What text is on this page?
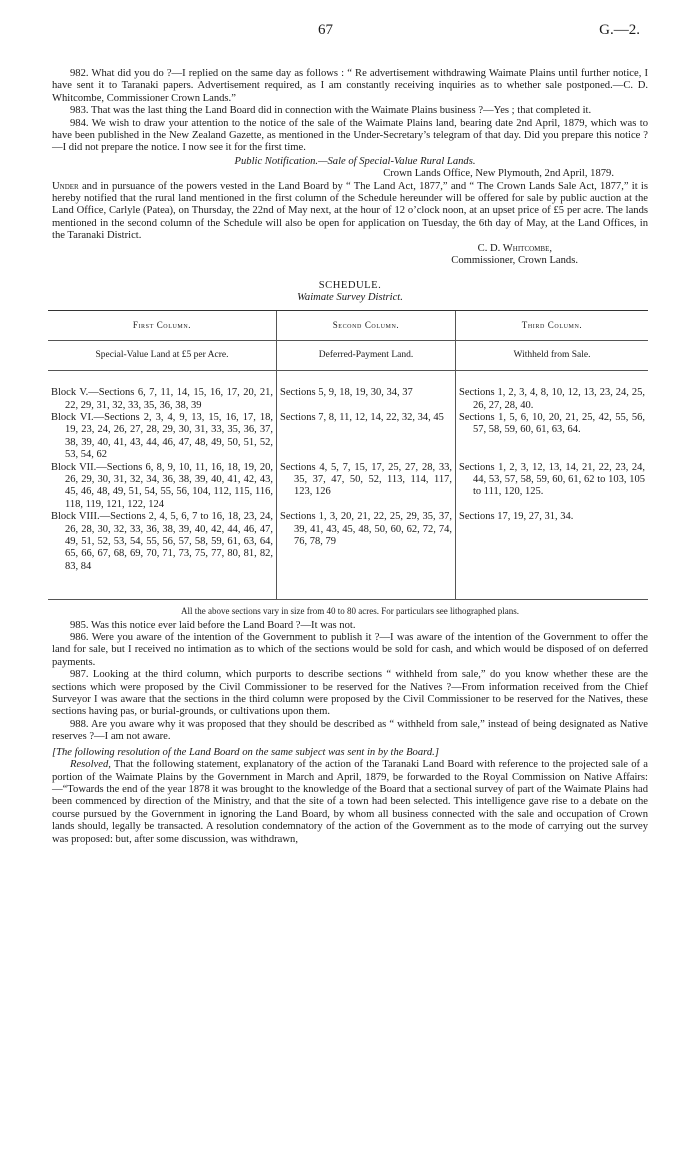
67	G.—2.

982. What did you do ?—I replied on the same day as follows : “ Re advertisement withdrawing Waimate Plains until further notice, I have sent it to Taranaki papers. Advertisement required, as I am constantly receiving inquiries as to whether sale postponed.—C. D. Whitcombe, Commissioner Crown Lands.”

983. That was the last thing the Land Board did in connection with the Waimate Plains business ?—Yes ; that completed it.

984. We wish to draw your attention to the notice of the sale of the Waimate Plains land, bearing date 2nd April, 1879, which was to have been published in the New Zealand Gazette, as mentioned in the Under-Secretary’s telegram of that day. Did you prepare this notice ?—I did not prepare the notice. I now see it for the first time.

Public Notification.—Sale of Special-Value Rural Lands.

Crown Lands Office, New Plymouth, 2nd April, 1879.

Under and in pursuance of the powers vested in the Land Board by “ The Land Act, 1877,” and “ The Crown Lands Sale Act, 1877,” it is hereby notified that the rural land mentioned in the first column of the Schedule hereunder will be offered for sale by public auction at the Land Office, Carlyle (Patea), on Thursday, the 22nd of May next, at the hour of 12 o’clock noon, at an upset price of £5 per acre. The lands mentioned in the second column of the Schedule will also be open for application on Tuesday, the 6th day of May, at the Land Offices, in the Taranaki District.

C. D. Whitcombe,

Commissioner, Crown Lands.

SCHEDULE.

Waimate Survey District.

First Column.	Second Column.	Third Column.
Special-Value Land at £5 per Acre.	Deferred-Payment Land.	Withheld from Sale.

Block V.—Sections 6, 7, 11, 14, 15, 16, 17, 20, 21, 22, 29, 31, 32, 33, 35, 36, 38, 39	Sections 5, 9, 18, 19, 30, 34, 37	Sections 1, 2, 3, 4, 8, 10, 12, 13, 23, 24, 25, 26, 27, 28, 40.

Block VI.—Sections 2, 3, 4, 9, 13, 15, 16, 17, 18, 19, 23, 24, 26, 27, 28, 29, 30, 31, 33, 35, 36, 37, 38, 39, 40, 41, 43, 44, 46, 47, 48, 49, 50, 51, 52, 53, 54, 62	Sections 7, 8, 11, 12, 14, 22, 32, 34, 45	Sections 1, 5, 6, 10, 20, 21, 25, 42, 55, 56, 57, 58, 59, 60, 61, 63, 64.

Block VII.—Sections 6, 8, 9, 10, 11, 16, 18, 19, 20, 26, 29, 30, 31, 32, 34, 36, 38, 39, 40, 41, 42, 43, 45, 46, 48, 49, 51, 54, 55, 56, 104, 112, 115, 116, 118, 119, 121, 122, 124	Sections 4, 5, 7, 15, 17, 25, 27, 28, 33, 35, 37, 47, 50, 52, 113, 114, 117, 123, 126	Sections 1, 2, 3, 12, 13, 14, 21, 22, 23, 24, 44, 53, 57, 58, 59, 60, 61, 62 to 103, 105 to 111, 120, 125.

Block VIII.—Sections 2, 4, 5, 6, 7 to 16, 18, 23, 24, 26, 28, 30, 32, 33, 36, 38, 39, 40, 42, 44, 46, 47, 49, 51, 52, 53, 54, 55, 56, 57, 58, 59, 61, 63, 64, 65, 66, 67, 68, 69, 70, 71, 73, 75, 77, 80, 81, 82, 83, 84	Sections 1, 3, 20, 21, 22, 25, 29, 35, 37, 39, 41, 43, 45, 48, 50, 60, 62, 72, 74, 76, 78, 79	Sections 17, 19, 27, 31, 34.

All the above sections vary in size from 40 to 80 acres. For particulars see lithographed plans.

985. Was this notice ever laid before the Land Board ?—It was not.

986. Were you aware of the intention of the Government to publish it ?—I was aware of the intention of the Government to offer the land for sale, but I received no intimation as to which of the sections would be sold for cash, and which would be disposed of on deferred payments.

987. Looking at the third column, which purports to describe sections “ withheld from sale,” do you know whether these are the sections which were proposed by the Civil Commissioner to be reserved for the Natives ?—From information received from the Chief Surveyor I was aware that the sections in the third column were proposed by the Civil Commissioner to be reserved for the Natives, these sections having pas, or burial-grounds, or cultivations upon them.

988. Are you aware why it was proposed that they should be described as “ withheld from sale,” instead of being designated as Native reserves ?—I am not aware.

[The following resolution of the Land Board on the same subject was sent in by the Board.]

Resolved, That the following statement, explanatory of the action of the Taranaki Land Board with reference to the projected sale of a portion of the Waimate Plains by the Government in March and April, 1879, be forwarded to the Royal Commission on Native Affairs:—“Towards the end of the year 1878 it was brought to the knowledge of the Board that a sectional survey of part of the Waimate Plains had been commenced by direction of the Ministry, and that the site of a town had been selected. This intelligence gave rise to a debate on the course pursued by the Government in ignoring the Land Board, by whom all business connected with the sale and occupation of Crown lands should, legally be transacted. A resolution condemnatory of the action of the Government as to the mode of carrying out the survey was proposed: but, after some discussion, was withdrawn,
